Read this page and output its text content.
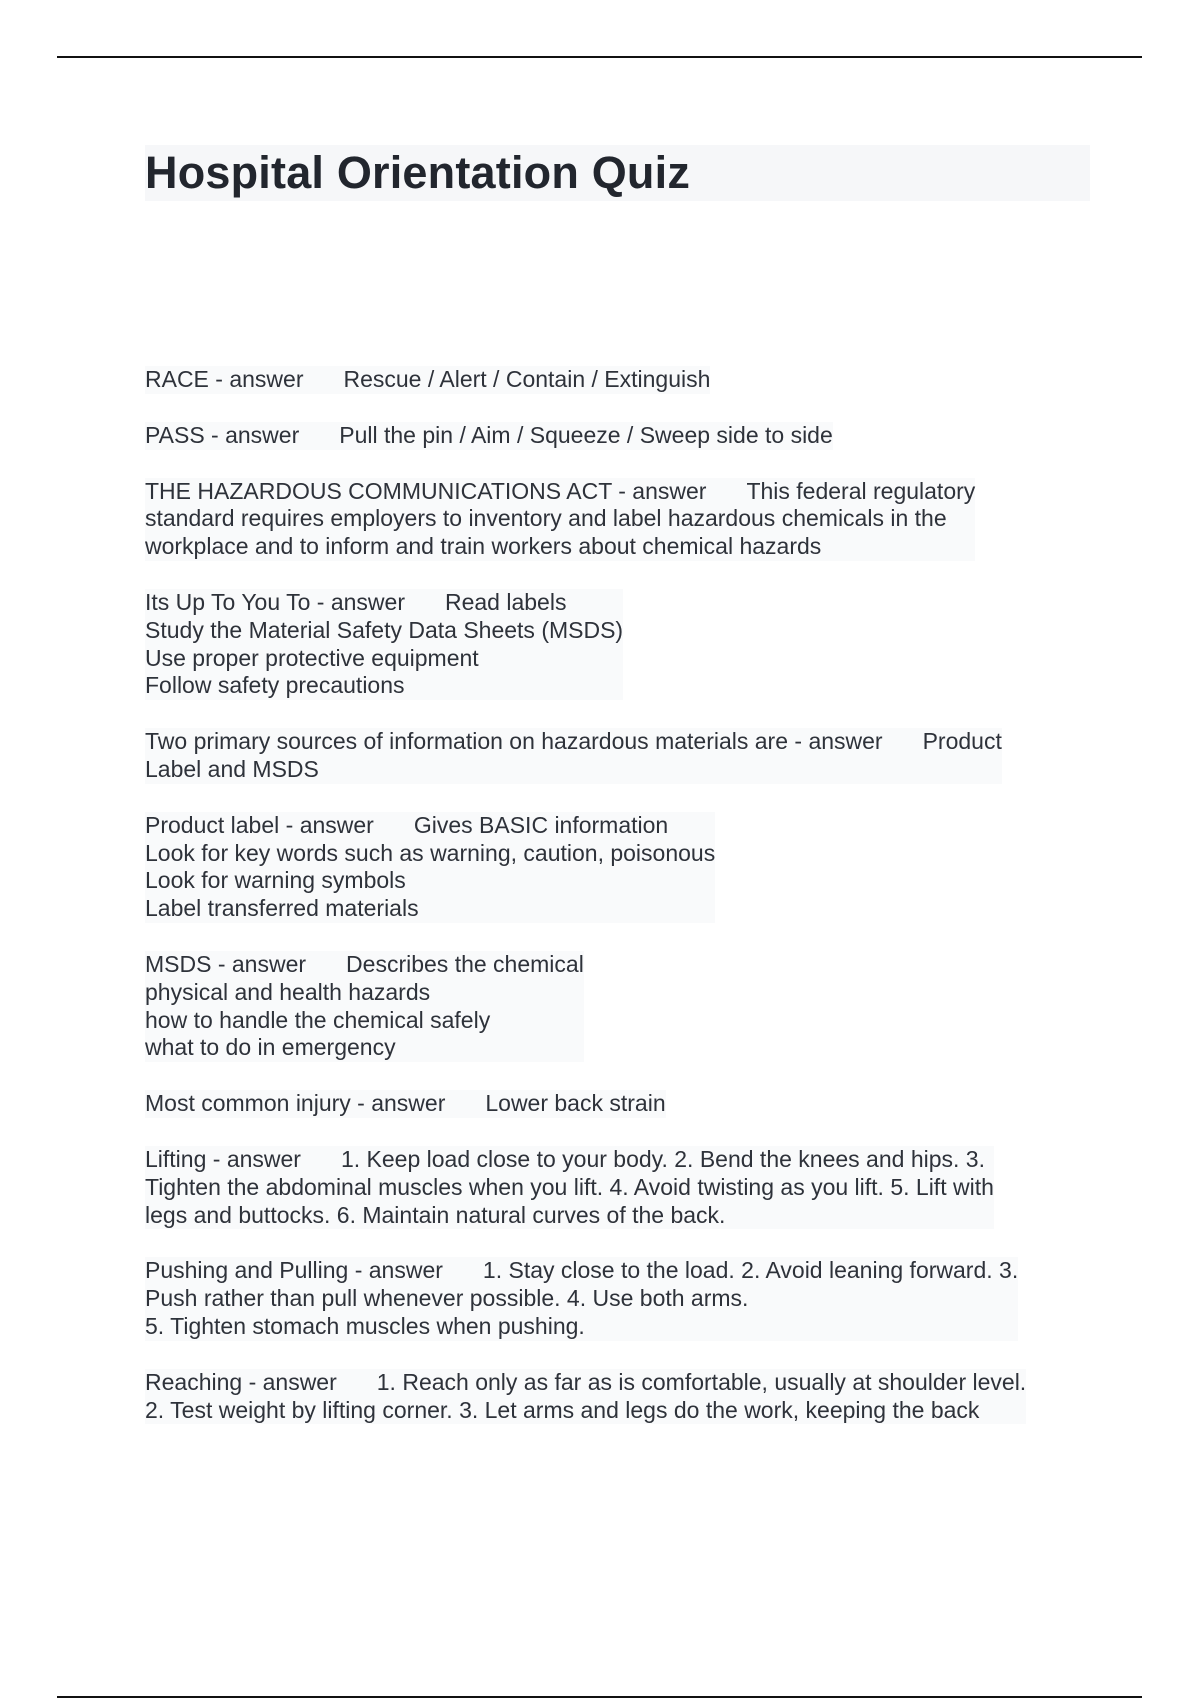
Hospital Orientation Quiz
RACE - answer Rescue / Alert / Contain / Extinguish
PASS - answer Pull the pin / Aim / Squeeze / Sweep side to side
THE HAZARDOUS COMMUNICATIONS ACT - answer This federal regulatory
standard requires employers to inventory and label hazardous chemicals in the
workplace and to inform and train workers about chemical hazards
Its Up To You To - answer Read labels
Study the Material Safety Data Sheets (MSDS)
Use proper protective equipment
Follow safety precautions
Two primary sources of information on hazardous materials are - answer Product
Label and MSDS
Product label - answer Gives BASIC information
Look for key words such as warning, caution, poisonous
Look for warning symbols
Label transferred materials
MSDS - answer Describes the chemical
physical and health hazards
how to handle the chemical safely
what to do in emergency
Most common injury - answer Lower back strain
Lifting - answer 1. Keep load close to your body. 2. Bend the knees and hips. 3.
Tighten the abdominal muscles when you lift. 4. Avoid twisting as you lift. 5. Lift with
legs and buttocks. 6. Maintain natural curves of the back.
Pushing and Pulling - answer 1. Stay close to the load. 2. Avoid leaning forward. 3.
Push rather than pull whenever possible. 4. Use both arms.
5. Tighten stomach muscles when pushing.
Reaching - answer 1. Reach only as far as is comfortable, usually at shoulder level.
2. Test weight by lifting corner. 3. Let arms and legs do the work, keeping the back
